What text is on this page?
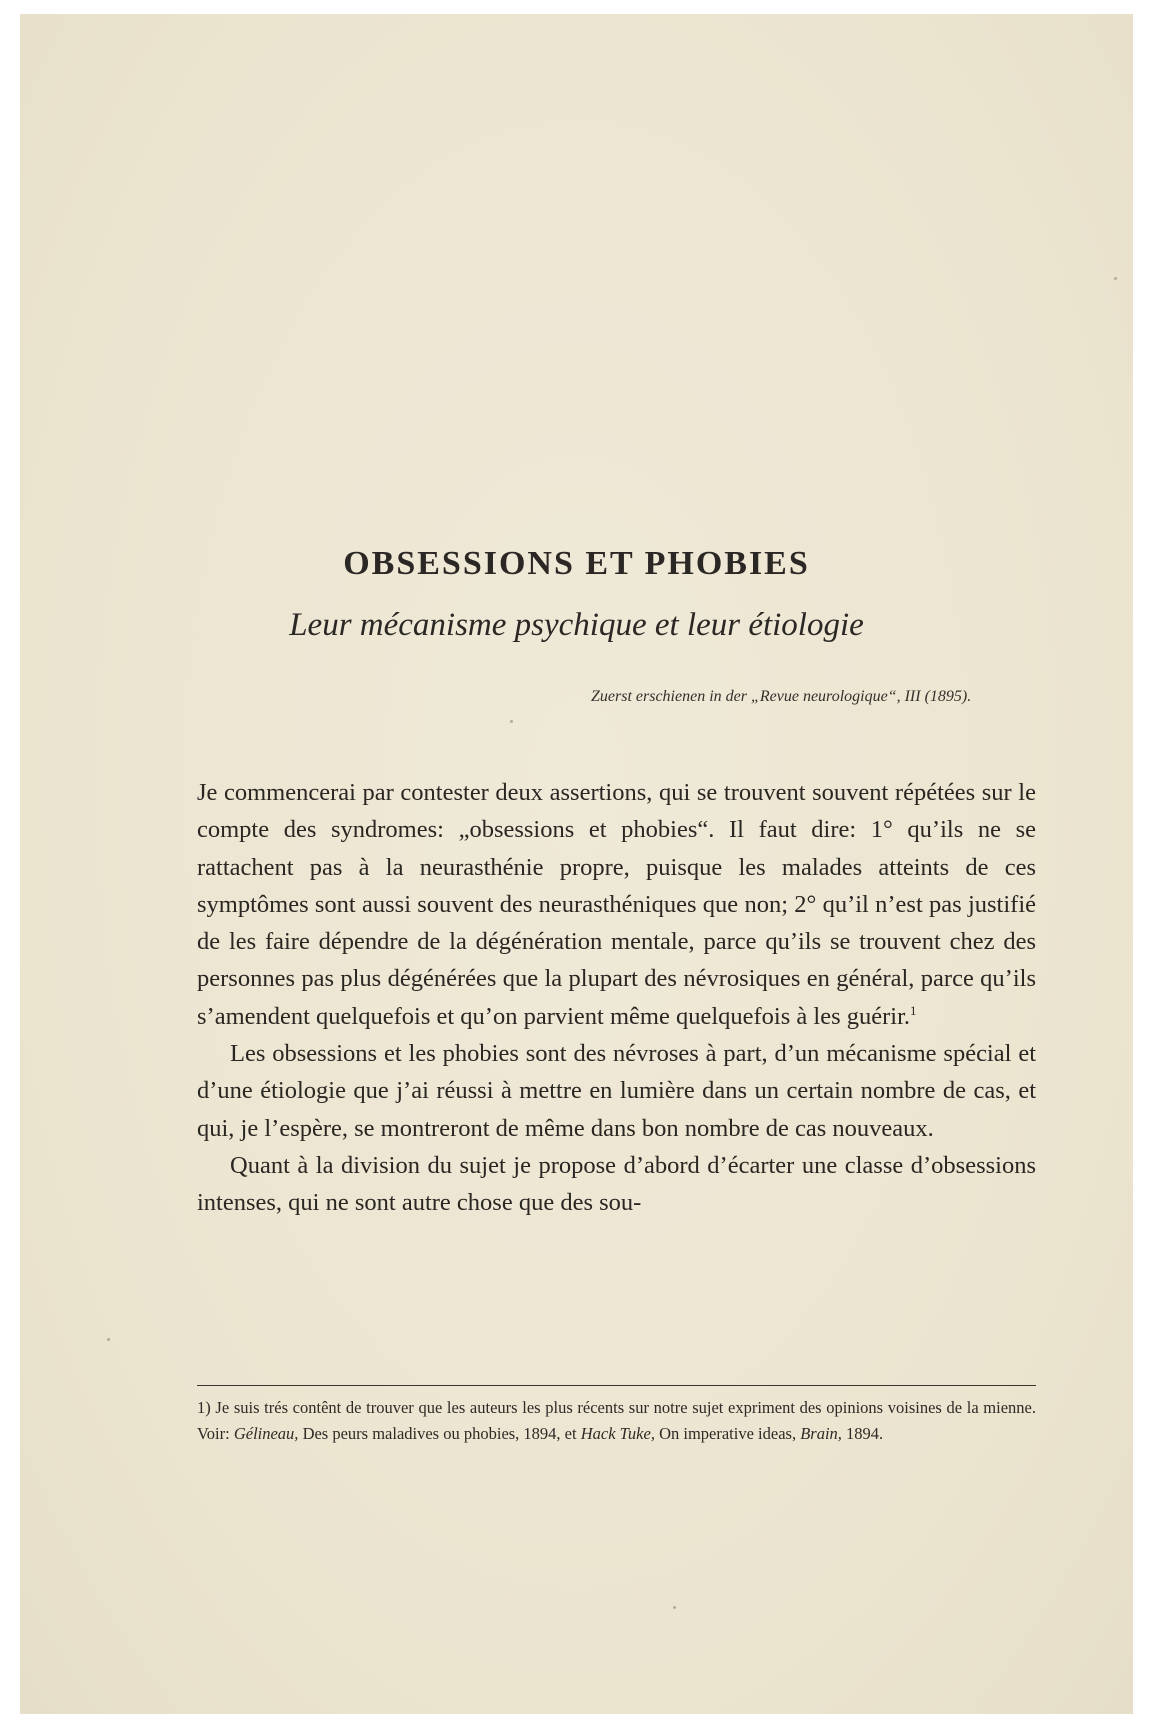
OBSESSIONS ET PHOBIES
Leur mécanisme psychique et leur étiologie
Zuerst erschienen in der „Revue neurologique“, III (1895).

Je commencerai par contester deux assertions, qui se trouvent souvent répétées sur le compte des syndromes: „obsessions et phobies“. Il faut dire: 1° qu’ils ne se rattachent pas à la neurasthénie propre, puisque les malades atteints de ces symptômes sont aussi souvent des neurasthéniques que non; 2° qu’il n’est pas justifié de les faire dépendre de la dégénération mentale, parce qu’ils se trouvent chez des personnes pas plus dégénérées que la plupart des névrosiques en général, parce qu’ils s’amendent quelquefois et qu’on parvient même quelquefois à les guérir.$^1$

Les obsessions et les phobies sont des névroses à part, d’un mécanisme spécial et d’une étiologie que j’ai réussi à mettre en lumière dans un certain nombre de cas, et qui, je l’espère, se montreront de même dans bon nombre de cas nouveaux.

Quant à la division du sujet je propose d’abord d’écarter une classe d’obsessions intenses, qui ne sont autre chose que des sou-

1) Je suis trés contênt de trouver que les auteurs les plus récents sur notre sujet expriment des opinions voisines de la mienne. Voir: Gélineau, Des peurs maladives ou phobies, 1894, et Hack Tuke, On imperative ideas, Brain, 1894.
